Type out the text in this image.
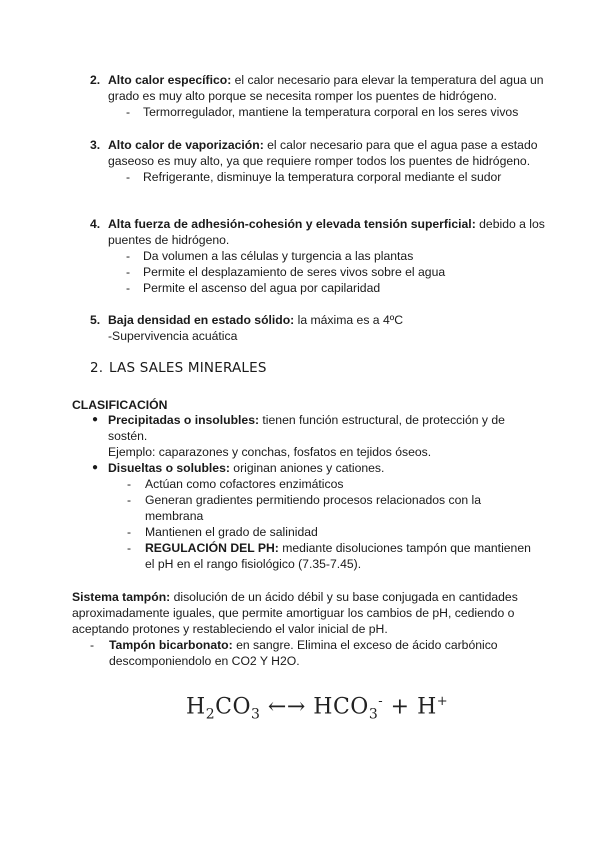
2. Alto calor específico: el calor necesario para elevar la temperatura del agua un grado es muy alto porque se necesita romper los puentes de hidrógeno.
- Termorregulador, mantiene la temperatura corporal en los seres vivos
3. Alto calor de vaporización: el calor necesario para que el agua pase a estado gaseoso es muy alto, ya que requiere romper todos los puentes de hidrógeno.
- Refrigerante, disminuye la temperatura corporal mediante el sudor
4. Alta fuerza de adhesión-cohesión y elevada tensión superficial: debido a los puentes de hidrógeno.
- Da volumen a las células y turgencia a las plantas
- Permite el desplazamiento de seres vivos sobre el agua
- Permite el ascenso del agua por capilaridad
5. Baja densidad en estado sólido: la máxima es a 4ºC
-Supervivencia acuática
2. LAS SALES MINERALES
CLASIFICACIÓN
● Precipitadas o insolubles: tienen función estructural, de protección y de sostén.
Ejemplo: caparazones y conchas, fosfatos en tejidos óseos.
● Disueltas o solubles: originan aniones y cationes.
- Actúan como cofactores enzimáticos
- Generan gradientes permitiendo procesos relacionados con la membrana
- Mantienen el grado de salinidad
- REGULACIÓN DEL PH: mediante disoluciones tampón que mantienen el pH en el rango fisiológico (7.35-7.45).
Sistema tampón: disolución de un ácido débil y su base conjugada en cantidades aproximadamente iguales, que permite amortiguar los cambios de pH, cediendo o aceptando protones y restableciendo el valor inicial de pH.
- Tampón bicarbonato: en sangre. Elimina el exceso de ácido carbónico descomponiendolo en CO2 Y H2O.
$H_2CO_3$ ←→ $HCO_3^- + H^+$
